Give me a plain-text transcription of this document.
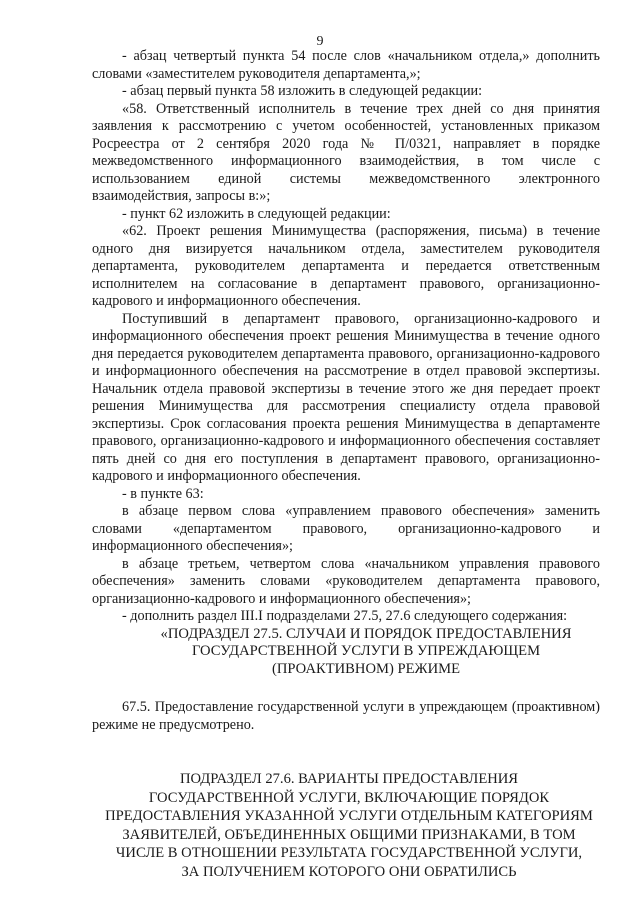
9

- абзац четвертый пункта 54 после слов «начальником отдела,» дополнить словами «заместителем руководителя департамента,»;

- абзац первый пункта 58 изложить в следующей редакции:

«58. Ответственный исполнитель в течение трех дней со дня принятия заявления к рассмотрению с учетом особенностей, установленных приказом Росреестра от 2 сентября 2020 года № П/0321, направляет в порядке межведомственного информационного взаимодействия, в том числе с использованием единой системы межведомственного электронного взаимодействия, запросы в:»;

- пункт 62 изложить в следующей редакции:

«62. Проект решения Минимущества (распоряжения, письма) в течение одного дня визируется начальником отдела, заместителем руководителя департамента, руководителем департамента и передается ответственным исполнителем на согласование в департамент правового, организационно-кадрового и информационного обеспечения.

Поступивший в департамент правового, организационно-кадрового и информационного обеспечения проект решения Минимущества в течение одного дня передается руководителем департамента правового, организационно-кадрового и информационного обеспечения на рассмотрение в отдел правовой экспертизы. Начальник отдела правовой экспертизы в течение этого же дня передает проект решения Минимущества для рассмотрения специалисту отдела правовой экспертизы. Срок согласования проекта решения Минимущества в департаменте правового, организационно-кадрового и информационного обеспечения составляет пять дней со дня его поступления в департамент правового, организационно-кадрового и информационного обеспечения.

- в пункте 63:

в абзаце первом слова «управлением правового обеспечения» заменить словами «департаментом правового, организационно-кадрового и информационного обеспечения»;

в абзаце третьем, четвертом слова «начальником управления правового обеспечения» заменить словами «руководителем департамента правового, организационно-кадрового и информационного обеспечения»;

- дополнить раздел III.I подразделами 27.5, 27.6 следующего содержания:

«ПОДРАЗДЕЛ 27.5. СЛУЧАИ И ПОРЯДОК ПРЕДОСТАВЛЕНИЯ
ГОСУДАРСТВЕННОЙ УСЛУГИ В УПРЕЖДАЮЩЕМ
(ПРОАКТИВНОМ) РЕЖИМЕ

67.5. Предоставление государственной услуги в упреждающем (проактивном) режиме не предусмотрено.

ПОДРАЗДЕЛ 27.6. ВАРИАНТЫ ПРЕДОСТАВЛЕНИЯ
ГОСУДАРСТВЕННОЙ УСЛУГИ, ВКЛЮЧАЮЩИЕ ПОРЯДОК
ПРЕДОСТАВЛЕНИЯ УКАЗАННОЙ УСЛУГИ ОТДЕЛЬНЫМ КАТЕГОРИЯМ
ЗАЯВИТЕЛЕЙ, ОБЪЕДИНЕННЫХ ОБЩИМИ ПРИЗНАКАМИ, В ТОМ
ЧИСЛЕ В ОТНОШЕНИИ РЕЗУЛЬТАТА ГОСУДАРСТВЕННОЙ УСЛУГИ,
ЗА ПОЛУЧЕНИЕМ КОТОРОГО ОНИ ОБРАТИЛИСЬ
